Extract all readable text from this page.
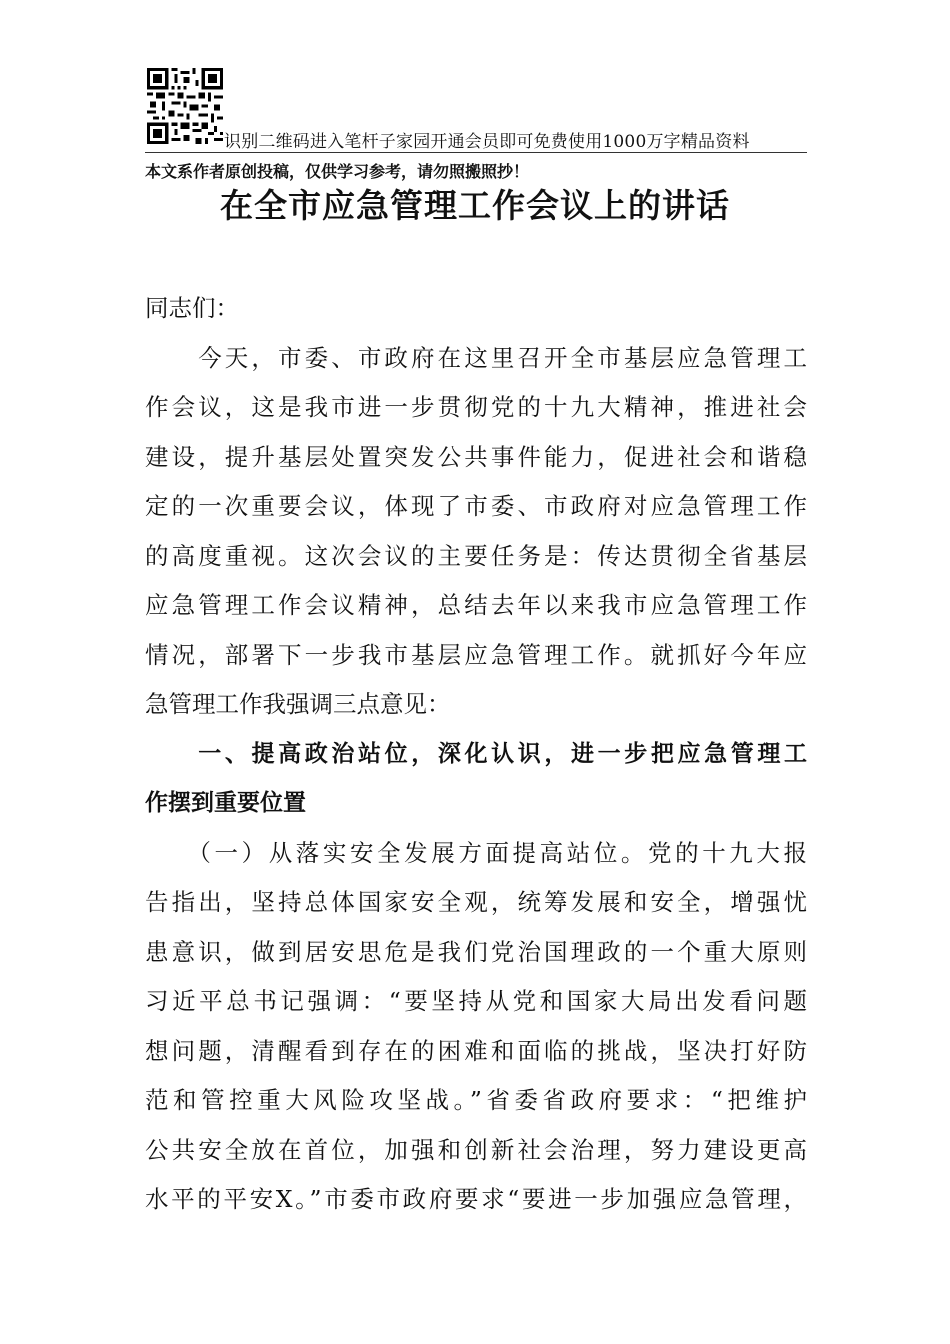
识别二维码进入笔杆子家园开通会员即可免费使用1000万字精品资料
本文系作者原创投稿，仅供学习参考，请勿照搬照抄！
在全市应急管理工作会议上的讲话
同志们：
　　今天，市委、市政府在这里召开全市基层应急管理工
作会议，这是我市进一步贯彻党的十九大精神，推进社会
建设，提升基层处置突发公共事件能力，促进社会和谐稳
定的一次重要会议，体现了市委、市政府对应急管理工作
的高度重视。这次会议的主要任务是：传达贯彻全省基层
应急管理工作会议精神，总结去年以来我市应急管理工作
情况，部署下一步我市基层应急管理工作。就抓好今年应
急管理工作我强调三点意见：
　　一、提高政治站位，深化认识，进一步把应急管理工
作摆到重要位置
　　（一）从落实安全发展方面提高站位。党的十九大报
告指出，坚持总体国家安全观，统筹发展和安全，增强忧
患意识，做到居安思危是我们党治国理政的一个重大原则
习近平总书记强调：“要坚持从党和国家大局出发看问题
想问题，清醒看到存在的困难和面临的挑战，坚决打好防
范和管控重大风险攻坚战。”省委省政府要求：“把维护
公共安全放在首位，加强和创新社会治理，努力建设更高
水平的平安X。”市委市政府要求“要进一步加强应急管理，
